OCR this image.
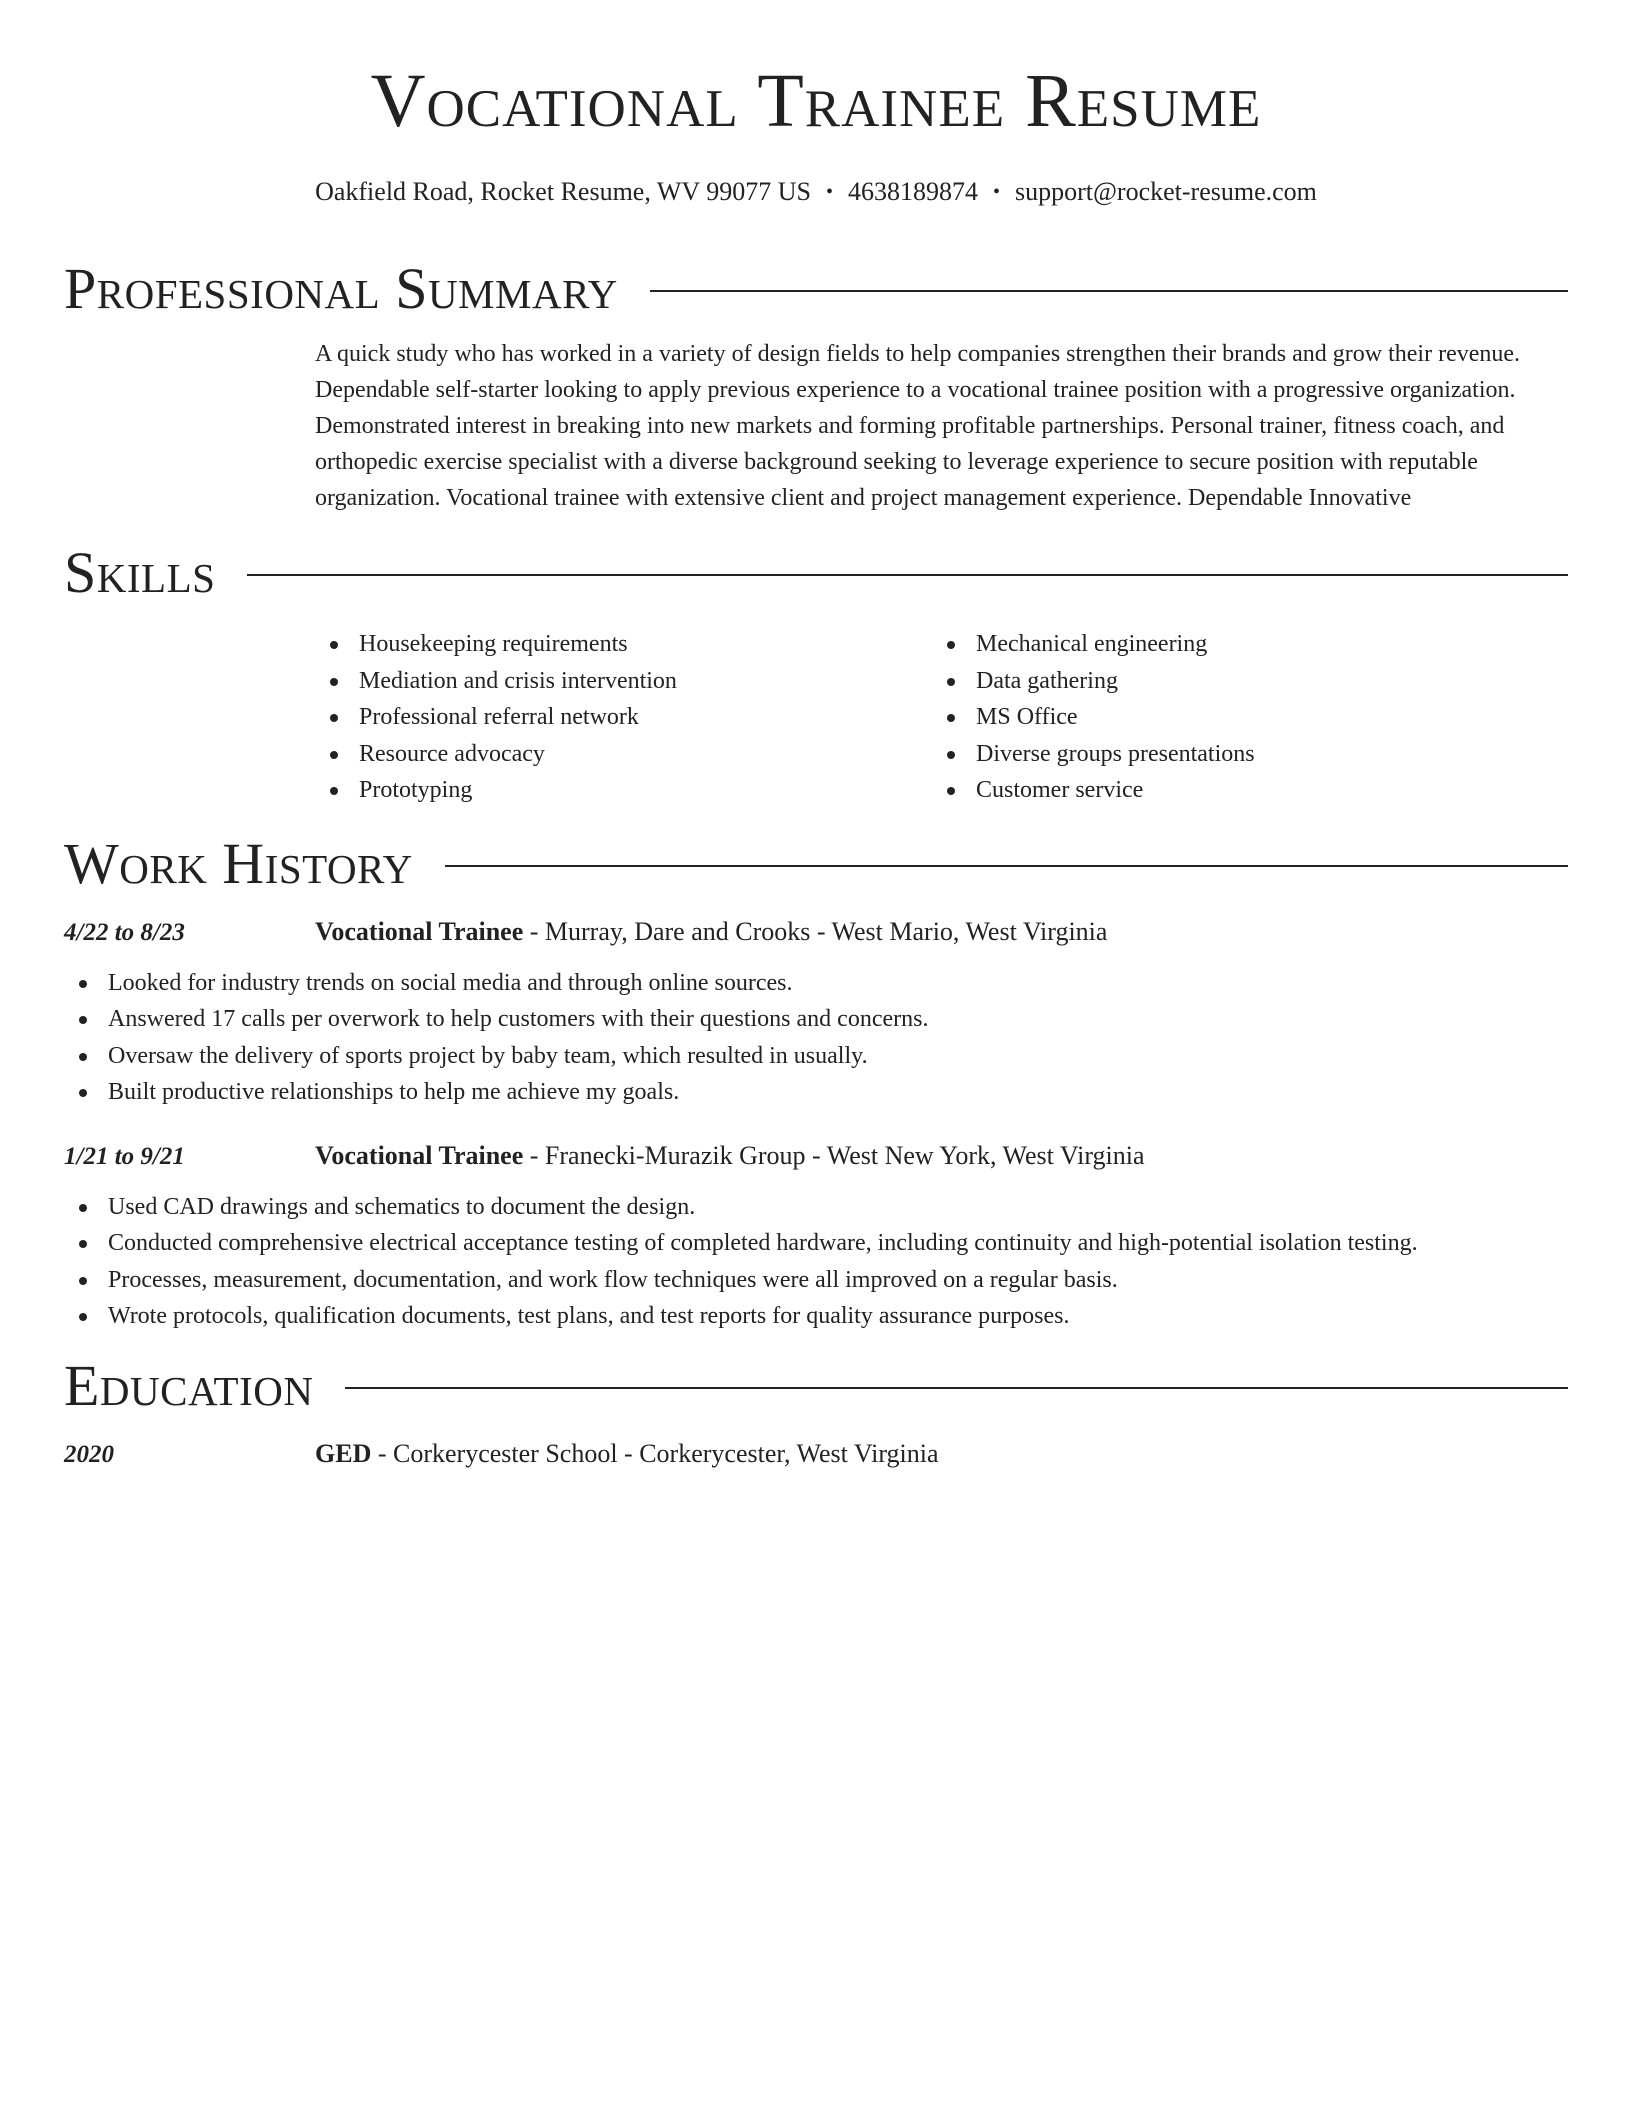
Vocational Trainee Resume
Oakfield Road, Rocket Resume, WV 99077 US • 4638189874 • support@rocket-resume.com
Professional Summary

A quick study who has worked in a variety of design fields to help companies strengthen their brands and grow their revenue. Dependable self-starter looking to apply previous experience to a vocational trainee position with a progressive organization. Demonstrated interest in breaking into new markets and forming profitable partnerships. Personal trainer, fitness coach, and orthopedic exercise specialist with a diverse background seeking to leverage experience to secure position with reputable organization. Vocational trainee with extensive client and project management experience. Dependable Innovative

Skills
Housekeeping requirements
Mediation and crisis intervention
Professional referral network
Resource advocacy
Prototyping
Mechanical engineering
Data gathering
MS Office
Diverse groups presentations
Customer service
Work History
4/22 to 8/23	Vocational Trainee - Murray, Dare and Crooks - West Mario, West Virginia
Looked for industry trends on social media and through online sources.
Answered 17 calls per overwork to help customers with their questions and concerns.
Oversaw the delivery of sports project by baby team, which resulted in usually.
Built productive relationships to help me achieve my goals.
1/21 to 9/21	Vocational Trainee - Franecki-Murazik Group - West New York, West Virginia
Used CAD drawings and schematics to document the design.
Conducted comprehensive electrical acceptance testing of completed hardware, including continuity and high-potential isolation testing.
Processes, measurement, documentation, and work flow techniques were all improved on a regular basis.
Wrote protocols, qualification documents, test plans, and test reports for quality assurance purposes.
Education
2020	GED - Corkerycester School - Corkerycester, West Virginia
